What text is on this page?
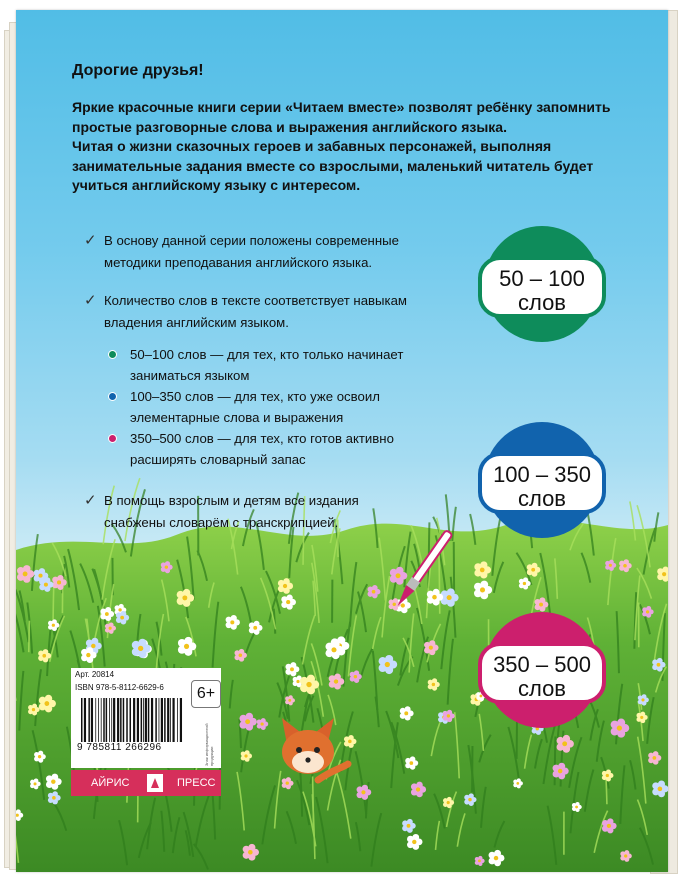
Дорогие друзья!

Яркие красочные книги серии «Читаем вместе» позволят ребёнку запомнить простые разговорные слова и выражения английского языка.

Читая о жизни сказочных героев и забавных персонажей, выполняя занимательные задания вместе со взрослыми, маленький читатель будет учиться английскому языку с интересом.

✓ В основу данной серии положены современные методики преподавания английского языка.
✓ Количество слов в тексте соответствует навыкам владения английским языком.
50–100 слов — для тех, кто только начинает заниматься языком
100–350 слов — для тех, кто уже освоил элементарные слова и выражения
350–500 слов — для тех, кто готов активно расширять словарный запас
✓ В помощь взрослым и детям все издания снабжены словарём с транскрипцией.
50 – 100
слов
100 – 350
слов
350 – 500
слов
Арт. 20814
ISBN 978-5-8112-6629-6	6+
9 785811 266296	Знак информационной продукции
АЙРИС	ПРЕСС
